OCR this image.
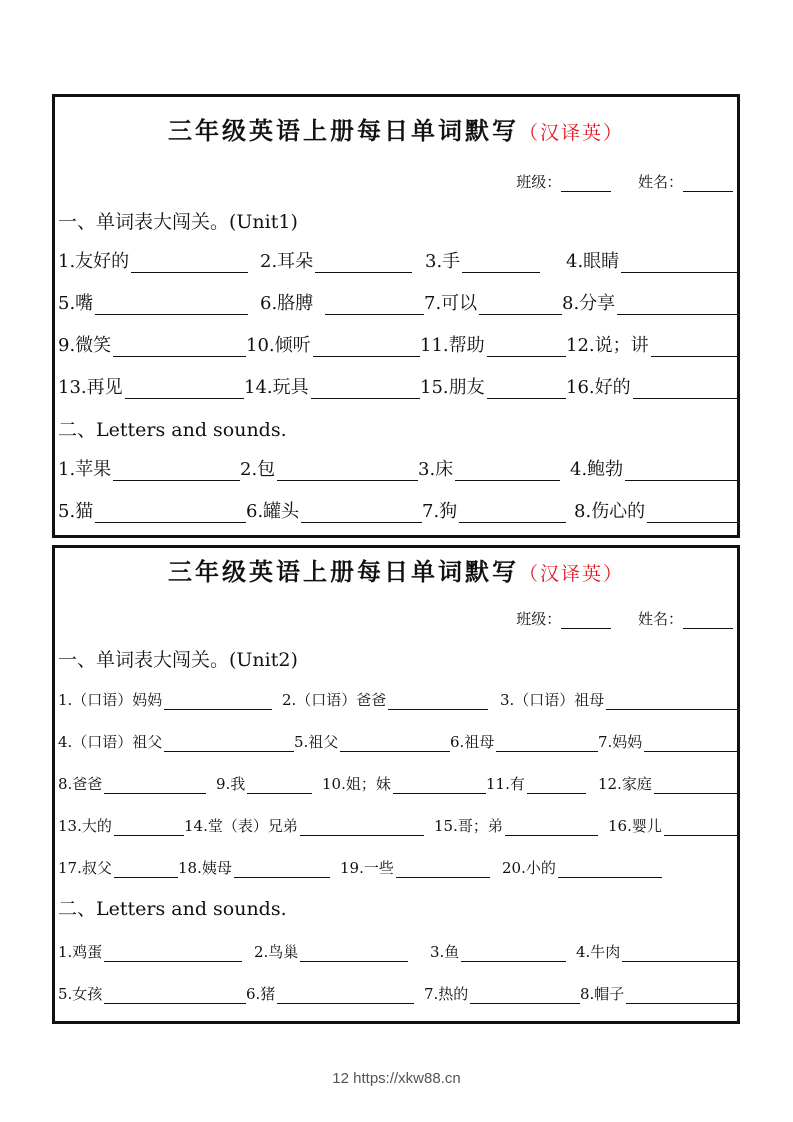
三年级英语上册每日单词默写（汉译英）
班级：	姓名：
一、单词表大闯关。(Unit1)
1.友好的	2.耳朵	3.手	4.眼睛
5.嘴	6.胳膊	7.可以	8.分享
9.微笑	10.倾听	11.帮助	12.说；讲
13.再见	14.玩具	15.朋友	16.好的
二、Letters and sounds.
1.苹果	2.包	3.床	4.鲍勃
5.猫	6.罐头	7.狗	8.伤心的
三年级英语上册每日单词默写（汉译英）
班级：	姓名：
一、单词表大闯关。(Unit2)
1.（口语）妈妈	2.（口语）爸爸	3.（口语）祖母
4.（口语）祖父	5.祖父	6.祖母	7.妈妈
8.爸爸	9.我	10.姐；妹	11.有	12.家庭
13.大的	14.堂（表）兄弟	15.哥；弟	16.婴儿
17.叔父	18.姨母	19.一些	20.小的
二、Letters and sounds.
1.鸡蛋	2.鸟巢	3.鱼	4.牛肉
5.女孩	6.猪	7.热的	8.帽子
12 https://xkw88.cn
